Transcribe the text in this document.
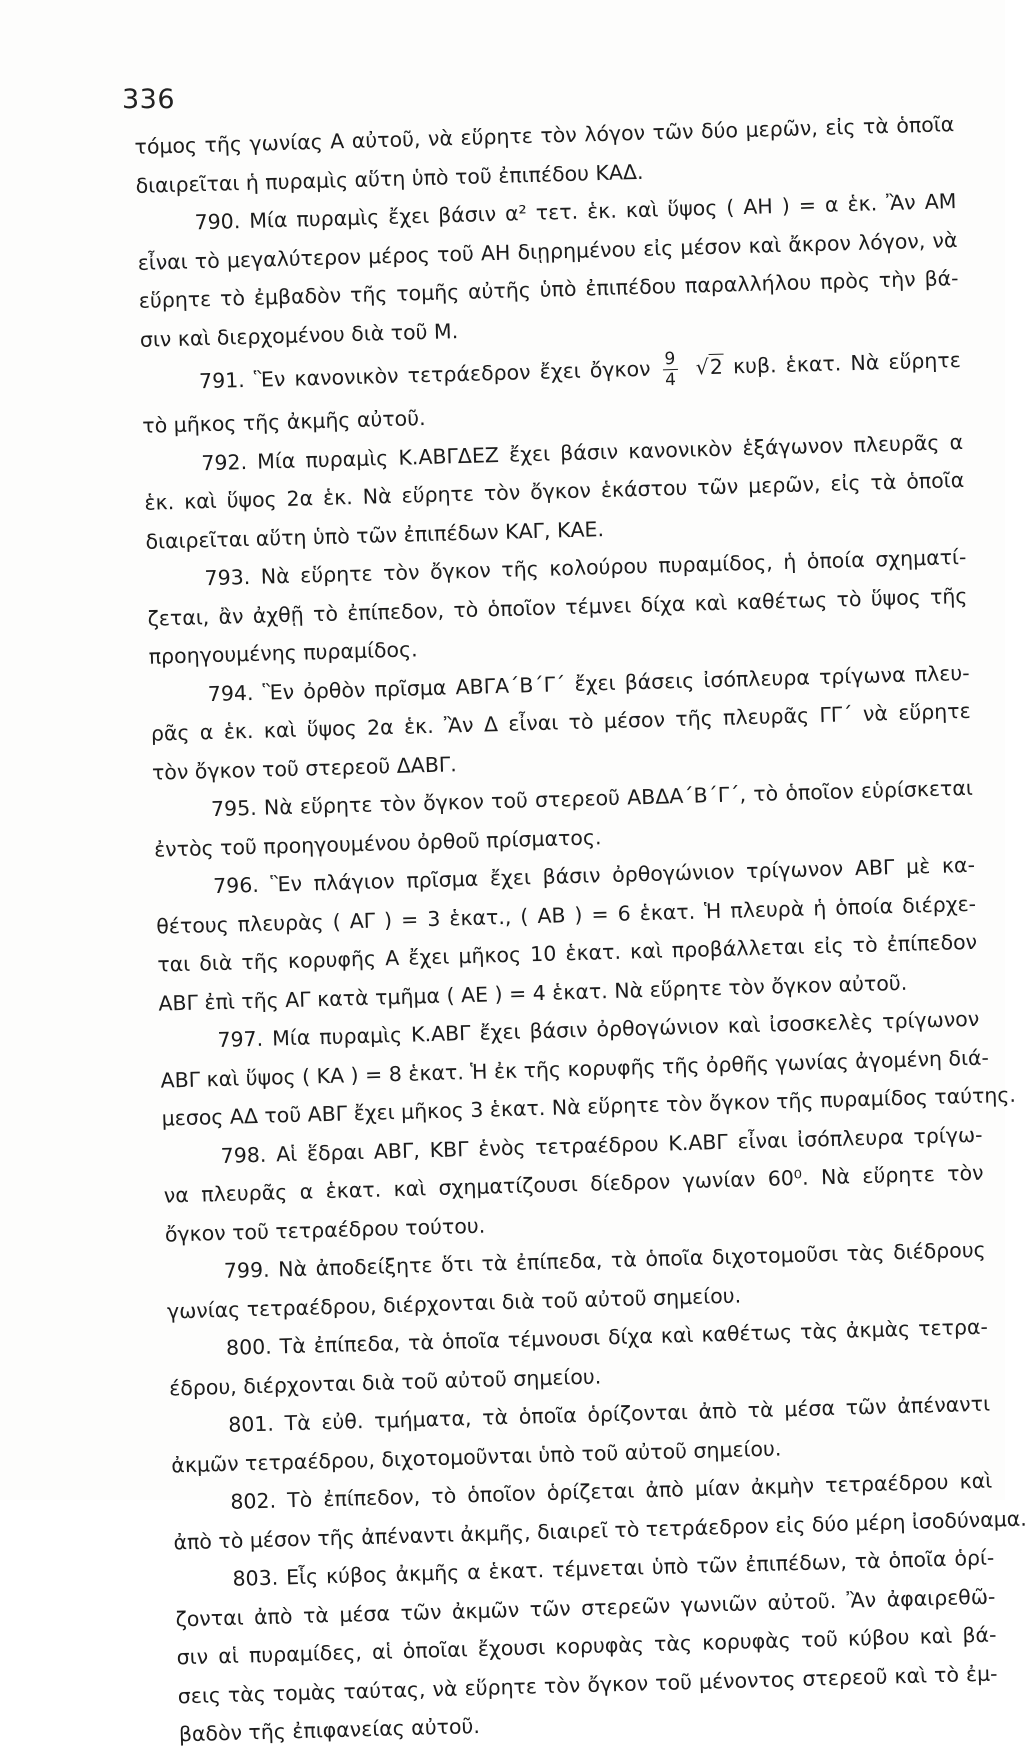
336
τόμος τῆς γωνίας Α αὐτοῦ, νὰ εὕρητε τὸν λόγον τῶν δύο μερῶν, εἰς τὰ ὁποῖα
διαιρεῖται ἡ πυραμὶς αὕτη ὑπὸ τοῦ ἐπιπέδου ΚΑΔ.
790. Μία πυραμὶς ἔχει βάσιν α² τετ. ἑκ. καὶ ὕψος ( ΑΗ ) = α ἑκ. Ἂν ΑΜ
εἶναι τὸ μεγαλύτερον μέρος τοῦ ΑΗ διῃρημένου εἰς μέσον καὶ ἄκρον λόγον, νὰ
εὕρητε τὸ ἐμβαδὸν τῆς τομῆς αὐτῆς ὑπὸ ἐπιπέδου παραλλήλου πρὸς τὴν βά-
σιν καὶ διερχομένου διὰ τοῦ Μ.
791. Ἓν κανονικὸν τετράεδρον ἔχει ὄγκον $\frac{9}{4} √2$ κυβ. ἑκατ. Νὰ εὕρητε
τὸ μῆκος τῆς ἀκμῆς αὐτοῦ.
792. Μία πυραμὶς Κ.ΑΒΓΔΕΖ ἔχει βάσιν κανονικὸν ἑξάγωνον πλευρᾶς α
ἑκ. καὶ ὕψος 2α ἑκ. Νὰ εὕρητε τὸν ὄγκον ἑκάστου τῶν μερῶν, εἰς τὰ ὁποῖα
διαιρεῖται αὕτη ὑπὸ τῶν ἐπιπέδων ΚΑΓ, ΚΑΕ.
793. Νὰ εὕρητε τὸν ὄγκον τῆς κολούρου πυραμίδος, ἡ ὁποία σχηματί-
ζεται, ἂν ἀχθῇ τὸ ἐπίπεδον, τὸ ὁποῖον τέμνει δίχα καὶ καθέτως τὸ ὕψος τῆς
προηγουμένης πυραμίδος.
794. Ἓν ὀρθὸν πρῖσμα ΑΒΓΑ΄Β΄Γ΄ ἔχει βάσεις ἰσόπλευρα τρίγωνα πλευ-
ρᾶς α ἑκ. καὶ ὕψος 2α ἑκ. Ἂν Δ εἶναι τὸ μέσον τῆς πλευρᾶς ΓΓ΄ νὰ εὕρητε
τὸν ὄγκον τοῦ στερεοῦ ΔΑΒΓ.
795. Νὰ εὕρητε τὸν ὄγκον τοῦ στερεοῦ ΑΒΔΑ΄Β΄Γ΄, τὸ ὁποῖον εὑρίσκεται
ἐντὸς τοῦ προηγουμένου ὀρθοῦ πρίσματος.
796. Ἓν πλάγιον πρῖσμα ἔχει βάσιν ὀρθογώνιον τρίγωνον ΑΒΓ μὲ κα-
θέτους πλευρὰς ( ΑΓ ) = 3 ἑκατ., ( ΑΒ ) = 6 ἑκατ. Ἡ πλευρὰ ἡ ὁποία διέρχε-
ται διὰ τῆς κορυφῆς Α ἔχει μῆκος 10 ἑκατ. καὶ προβάλλεται εἰς τὸ ἐπίπεδον
ΑΒΓ ἐπὶ τῆς ΑΓ κατὰ τμῆμα ( ΑΕ ) = 4 ἑκατ. Νὰ εὕρητε τὸν ὄγκον αὐτοῦ.
797. Μία πυραμὶς Κ.ΑΒΓ ἔχει βάσιν ὀρθογώνιον καὶ ἰσοσκελὲς τρίγωνον
ΑΒΓ καὶ ὕψος ( ΚΑ ) = 8 ἑκατ. Ἡ ἐκ τῆς κορυφῆς τῆς ὀρθῆς γωνίας ἀγομένη διά-
μεσος ΑΔ τοῦ ΑΒΓ ἔχει μῆκος 3 ἑκατ. Νὰ εὕρητε τὸν ὄγκον τῆς πυραμίδος ταύτης.
798. Αἱ ἕδραι ΑΒΓ, ΚΒΓ ἑνὸς τετραέδρου Κ.ΑΒΓ εἶναι ἰσόπλευρα τρίγω-
να πλευρᾶς α ἑκατ. καὶ σχηματίζουσι δίεδρον γωνίαν 60⁰. Νὰ εὕρητε τὸν
ὄγκον τοῦ τετραέδρου τούτου.
799. Νὰ ἀποδείξητε ὅτι τὰ ἐπίπεδα, τὰ ὁποῖα διχοτομοῦσι τὰς διέδρους
γωνίας τετραέδρου, διέρχονται διὰ τοῦ αὐτοῦ σημείου.
800. Τὰ ἐπίπεδα, τὰ ὁποῖα τέμνουσι δίχα καὶ καθέτως τὰς ἀκμὰς τετρα-
έδρου, διέρχονται διὰ τοῦ αὐτοῦ σημείου.
801. Τὰ εὐθ. τμήματα, τὰ ὁποῖα ὁρίζονται ἀπὸ τὰ μέσα τῶν ἀπέναντι
ἀκμῶν τετραέδρου, διχοτομοῦνται ὑπὸ τοῦ αὐτοῦ σημείου.
802. Τὸ ἐπίπεδον, τὸ ὁποῖον ὁρίζεται ἀπὸ μίαν ἀκμὴν τετραέδρου καὶ
ἀπὸ τὸ μέσον τῆς ἀπέναντι ἀκμῆς, διαιρεῖ τὸ τετράεδρον εἰς δύο μέρη ἰσοδύναμα.
803. Εἷς κύβος ἀκμῆς α ἑκατ. τέμνεται ὑπὸ τῶν ἐπιπέδων, τὰ ὁποῖα ὁρί-
ζονται ἀπὸ τὰ μέσα τῶν ἀκμῶν τῶν στερεῶν γωνιῶν αὐτοῦ. Ἂν ἀφαιρεθῶ-
σιν αἱ πυραμίδες, αἱ ὁποῖαι ἔχουσι κορυφὰς τὰς κορυφὰς τοῦ κύβου καὶ βά-
σεις τὰς τομὰς ταύτας, νὰ εὕρητε τὸν ὄγκον τοῦ μένοντος στερεοῦ καὶ τὸ ἐμ-
βαδὸν τῆς ἐπιφανείας αὐτοῦ.
